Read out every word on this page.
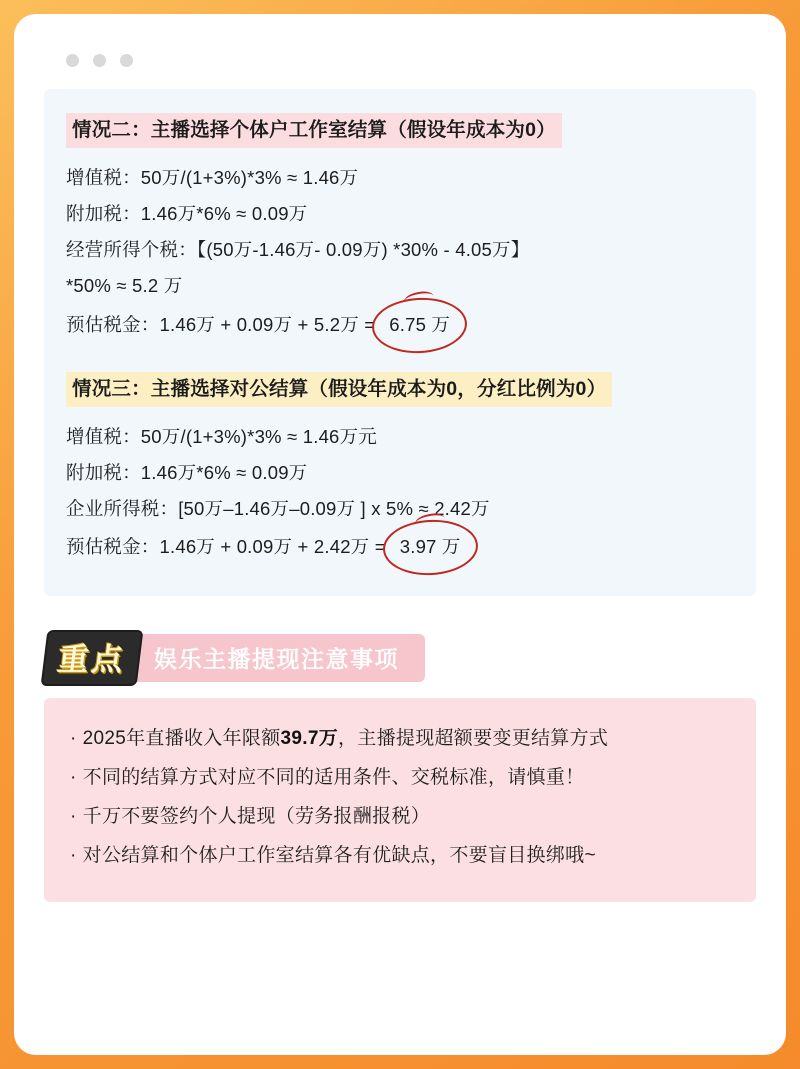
情况二：主播选择个体户工作室结算（假设年成本为0）
增值税：50万/(1+3%)*3% ≈ 1.46万
附加税：1.46万*6% ≈ 0.09万
经营所得个税：【(50万-1.46万- 0.09万) *30% - 4.05万】
*50% ≈ 5.2 万
预估税金：1.46万 + 0.09万 + 5.2万 = 6.75 万
情况三：主播选择对公结算（假设年成本为0，分红比例为0）
增值税：50万/(1+3%)*3% ≈ 1.46万元
附加税：1.46万*6% ≈ 0.09万
企业所得税：[50万–1.46万–0.09万 ] x 5% ≈ 2.42万
预估税金：1.46万 + 0.09万 + 2.42万 = 3.97 万
重点	娱乐主播提现注意事项
· 2025年直播收入年限额39.7万，主播提现超额要变更结算方式
· 不同的结算方式对应不同的适用条件、交税标准，请慎重！
· 千万不要签约个人提现（劳务报酬报税）
· 对公结算和个体户工作室结算各有优缺点，不要盲目换绑哦~
